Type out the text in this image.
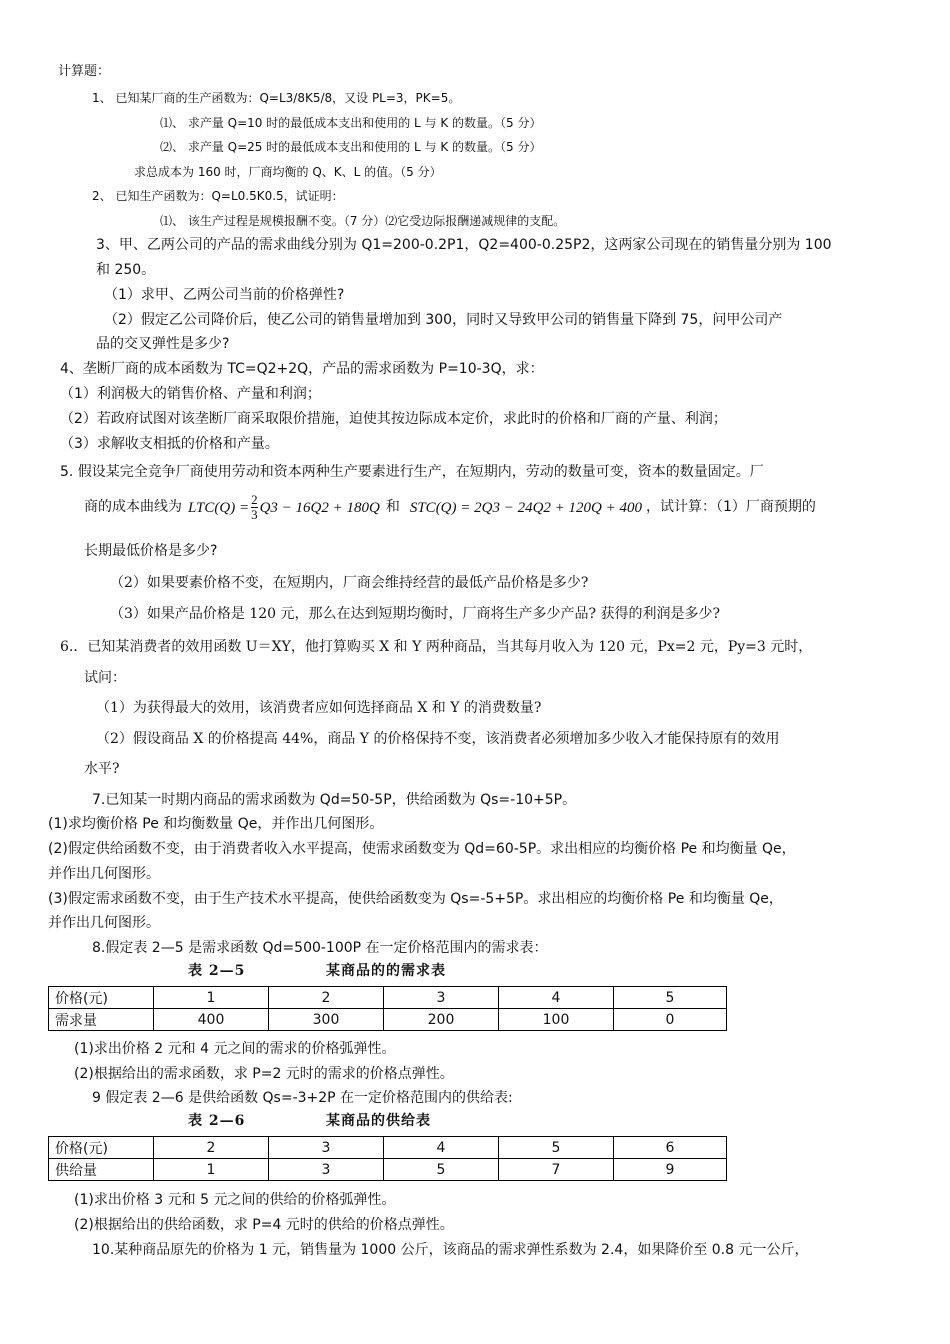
计算题：
1、 已知某厂商的生产函数为：Q=L3/8K5/8，又设 PL=3，PK=5。
⑴、 求产量 Q=10 时的最低成本支出和使用的 L 与 K 的数量。（5 分）
⑵、 求产量 Q=25 时的最低成本支出和使用的 L 与 K 的数量。（5 分）
求总成本为 160 时，厂商均衡的 Q、K、L 的值。（5 分）
2、 已知生产函数为：Q=L0.5K0.5，试证明：
⑴、 该生产过程是规模报酬不变。（7 分）⑵它受边际报酬递减规律的支配。
3、甲、乙两公司的产品的需求曲线分别为 Q1=200-0.2P1，Q2=400-0.25P2，这两家公司现在的销售量分别为 100
和 250。
（1）求甲、乙两公司当前的价格弹性?
（2）假定乙公司降价后，使乙公司的销售量增加到 300，同时又导致甲公司的销售量下降到 75，问甲公司产
品的交叉弹性是多少?
4、垄断厂商的成本函数为 TC=Q2+2Q，产品的需求函数为 P=10-3Q，求：
（1）利润极大的销售价格、产量和利润；
（2）若政府试图对该垄断厂商采取限价措施，迫使其按边际成本定价，求此时的价格和厂商的产量、利润；
（3）求解收支相抵的价格和产量。
5. 假设某完全竞争厂商使用劳动和资本两种生产要素进行生产，在短期内，劳动的数量可变，资本的数量固定。厂
商的成本曲线为 $LTC(Q) = \frac{2}{3} Q3 - 16Q2 + 180Q$ 和 STC(Q) = 2Q3 − 24Q2 + 120Q + 400 ，试计算：（1）厂商预期的
长期最低价格是多少?
（2）如果要素价格不变，在短期内，厂商会维持经营的最低产品价格是多少?
（3）如果产品价格是 120 元，那么在达到短期均衡时，厂商将生产多少产品? 获得的利润是多少?
6.．已知某消费者的效用函数 U＝XY，他打算购买 X 和 Y 两种商品，当其每月收入为 120 元，Px=2 元，Py=3 元时，
试问：
（1）为获得最大的效用，该消费者应如何选择商品 X 和 Y 的消费数量?
（2）假设商品 X 的价格提高 44%，商品 Y 的价格保持不变，该消费者必须增加多少收入才能保持原有的效用
水平?
7.已知某一时期内商品的需求函数为 Qd=50-5P，供给函数为 Qs=-10+5P。
(1)求均衡价格 Pe 和均衡数量 Qe，并作出几何图形。
(2)假定供给函数不变，由于消费者收入水平提高，使需求函数变为 Qd=60-5P。求出相应的均衡价格 Pe 和均衡量 Qe，
并作出几何图形。
(3)假定需求函数不变，由于生产技术水平提高，使供给函数变为 Qs=-5+5P。求出相应的均衡价格 Pe 和均衡量 Qe，
并作出几何图形。
8.假定表 2—5 是需求函数 Qd=500-100P 在一定价格范围内的需求表：
表 2—5	某商品的的需求表
价格(元)	1	2	3	4	5
需求量	400	300	200	100	0
(1)求出价格 2 元和 4 元之间的需求的价格弧弹性。
(2)根据给出的需求函数，求 P=2 元时的需求的价格点弹性。
9 假定表 2—6 是供给函数 Qs=-3+2P 在一定价格范围内的供给表:
表 2—6	某商品的供给表
价格(元)	2	3	4	5	6
供给量	1	3	5	7	9
(1)求出价格 3 元和 5 元之间的供给的价格弧弹性。
(2)根据给出的供给函数，求 P=4 元时的供给的价格点弹性。
10.某种商品原先的价格为 1 元，销售量为 1000 公斤，该商品的需求弹性系数为 2.4，如果降价至 0.8 元一公斤，
